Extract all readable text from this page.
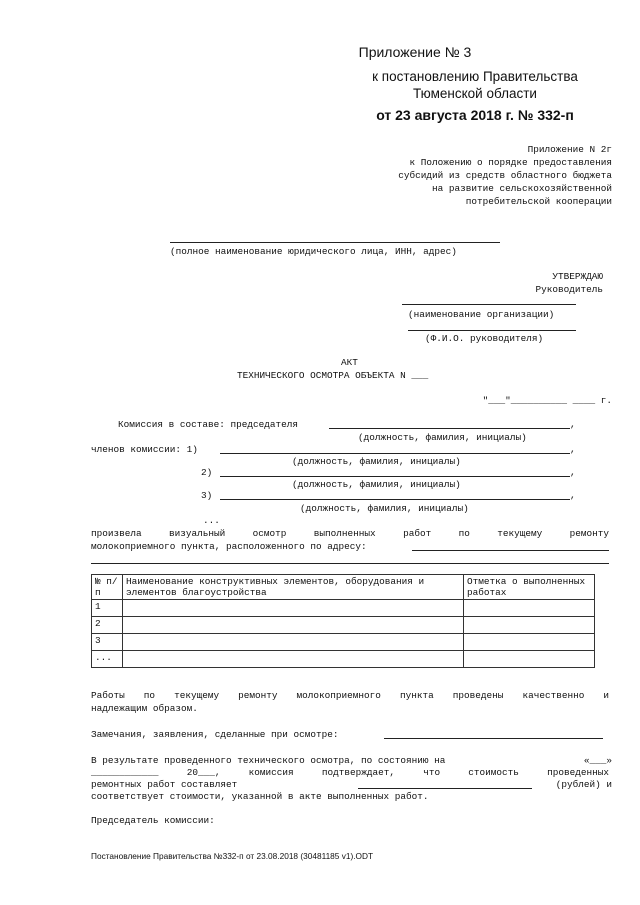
Приложение № 3
к постановлению Правительства
Тюменской области
от 23 августа 2018 г. № 332-п
Приложение N 2г
к Положению о порядке предоставления
субсидий из средств областного бюджета
на развитие сельскохозяйственной
потребительской кооперации
(полное наименование юридического лица, ИНН, адрес)
УТВЕРЖДАЮ
Руководитель
(наименование организации)
(Ф.И.О. руководителя)
АКТ
ТЕХНИЧЕСКОГО ОСМОТРА ОБЪЕКТА N ___
"___"__________ ____ г.
Комиссия в составе: председателя	,
(должность, фамилия, инициалы)
членов комиссии: 1)	,
(должность, фамилия, инициалы)
2)	,
(должность, фамилия, инициалы)
3)	,
(должность, фамилия, инициалы)
...
произвела визуальный осмотр выполненных работ по текущему ремонту
молокоприемного пункта, расположенного по адресу:
№ п/п	Наименование конструктивных элементов, оборудования и элементов благоустройства	Отметка о выполненных работах
1		
2		
3		
...		
Работы по текущему ремонту молокоприемного пункта проведены качественно и
надлежащим образом.
Замечания, заявления, сделанные при осмотре:
В результате проведенного технического осмотра, по состоянию на	«___»
____________ 20___, комиссия подтверждает, что стоимость проведенных
ремонтных работ составляет	(рублей) и
соответствует стоимости, указанной в акте выполненных работ.
Председатель комиссии:
Постановление Правительства №332-п от 23.08.2018 (30481185 v1).ODT
